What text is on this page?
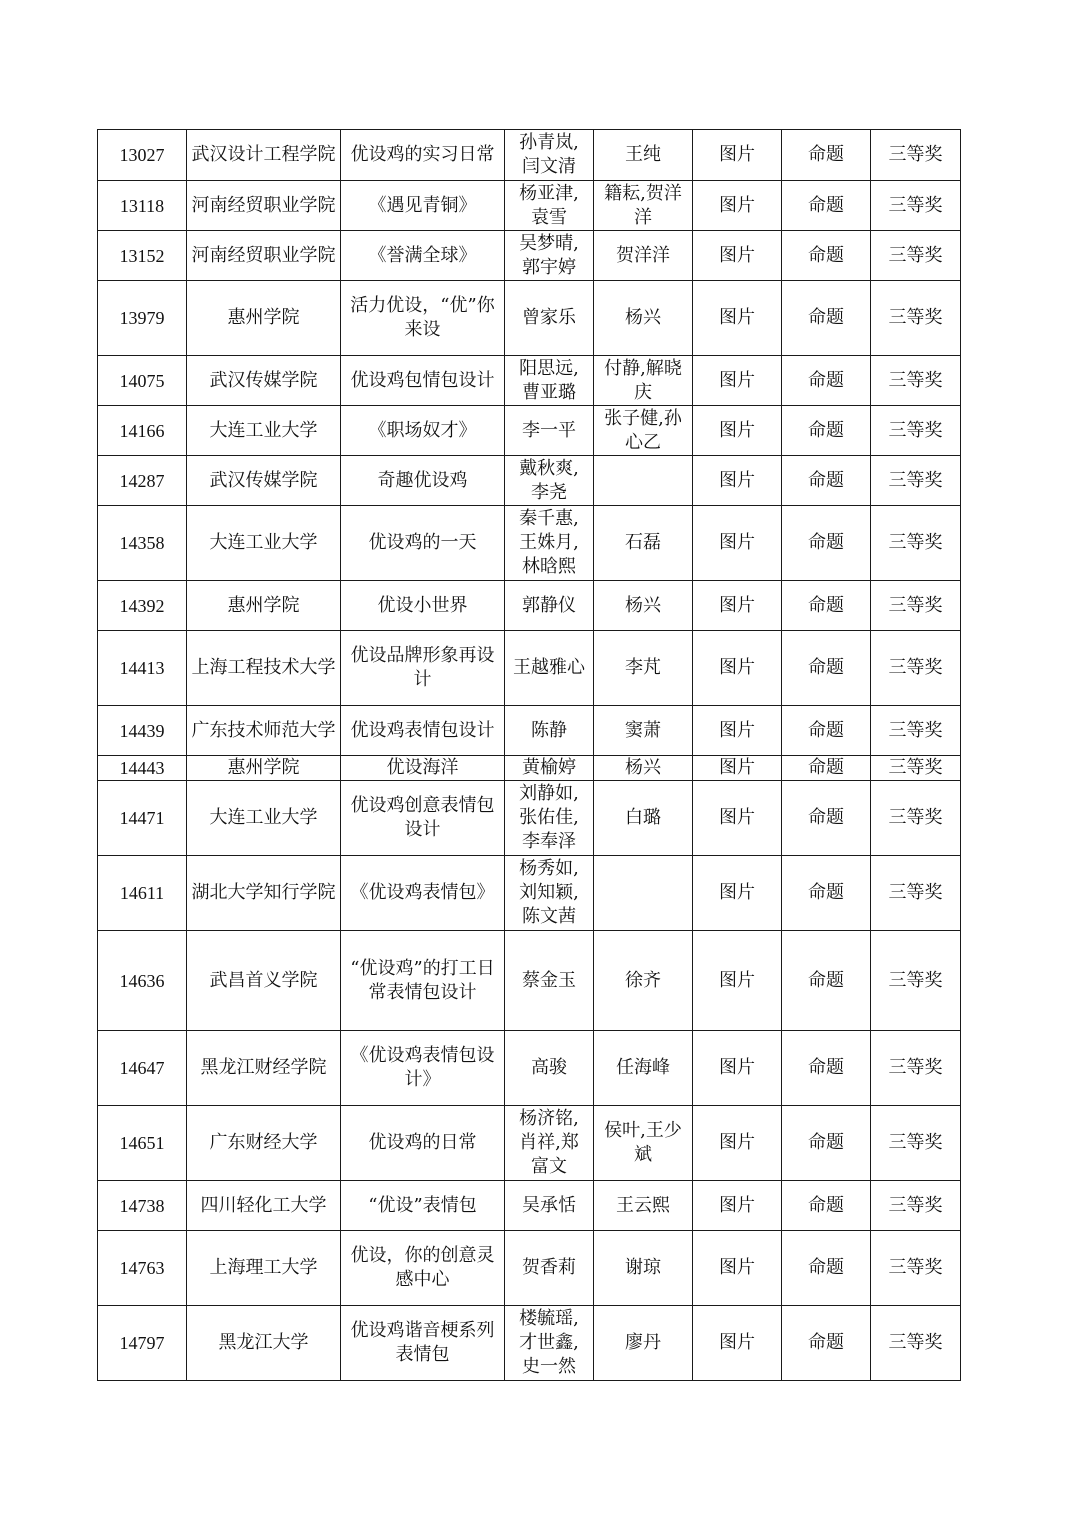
13027	武汉设计工程学院	优设鸡的实习日常	孙青岚,
闫文清	王纯	图片	命题	三等奖
13118	河南经贸职业学院	《遇见青铜》	杨亚津,
袁雪	籍耘,贺洋洋	图片	命题	三等奖
13152	河南经贸职业学院	《誉满全球》	吴梦晴,
郭宇婷	贺洋洋	图片	命题	三等奖
13979	惠州学院	活力优设，“优”你来设	曾家乐	杨兴	图片	命题	三等奖
14075	武汉传媒学院	优设鸡包情包设计	阳思远,
曹亚璐	付静,解晓庆	图片	命题	三等奖
14166	大连工业大学	《职场奴才》	李一平	张子健,孙心乙	图片	命题	三等奖
14287	武汉传媒学院	奇趣优设鸡	戴秋爽,
李尧		图片	命题	三等奖
14358	大连工业大学	优设鸡的一天	秦千惠,
王姝月,
林晗熙	石磊	图片	命题	三等奖
14392	惠州学院	优设小世界	郭静仪	杨兴	图片	命题	三等奖
14413	上海工程技术大学	优设品牌形象再设计	王越雅心	李芃	图片	命题	三等奖
14439	广东技术师范大学	优设鸡表情包设计	陈静	窦萧	图片	命题	三等奖
14443	惠州学院	优设海洋	黄榆婷	杨兴	图片	命题	三等奖
14471	大连工业大学	优设鸡创意表情包设计	刘静如,
张佑佳,
李奉泽	白璐	图片	命题	三等奖
14611	湖北大学知行学院	《优设鸡表情包》	杨秀如,
刘知颖,
陈文茜		图片	命题	三等奖
14636	武昌首义学院	“优设鸡”的打工日常表情包设计	蔡金玉	徐齐	图片	命题	三等奖
14647	黑龙江财经学院	《优设鸡表情包设计》	高骏	任海峰	图片	命题	三等奖
14651	广东财经大学	优设鸡的日常	杨济铭,
肖祥,郑
富文	侯叶,王少斌	图片	命题	三等奖
14738	四川轻化工大学	“优设”表情包	吴承恬	王云熙	图片	命题	三等奖
14763	上海理工大学	优设，你的创意灵感中心	贺香莉	谢琼	图片	命题	三等奖
14797	黑龙江大学	优设鸡谐音梗系列表情包	楼毓瑶,
才世鑫,
史一然	廖丹	图片	命题	三等奖
